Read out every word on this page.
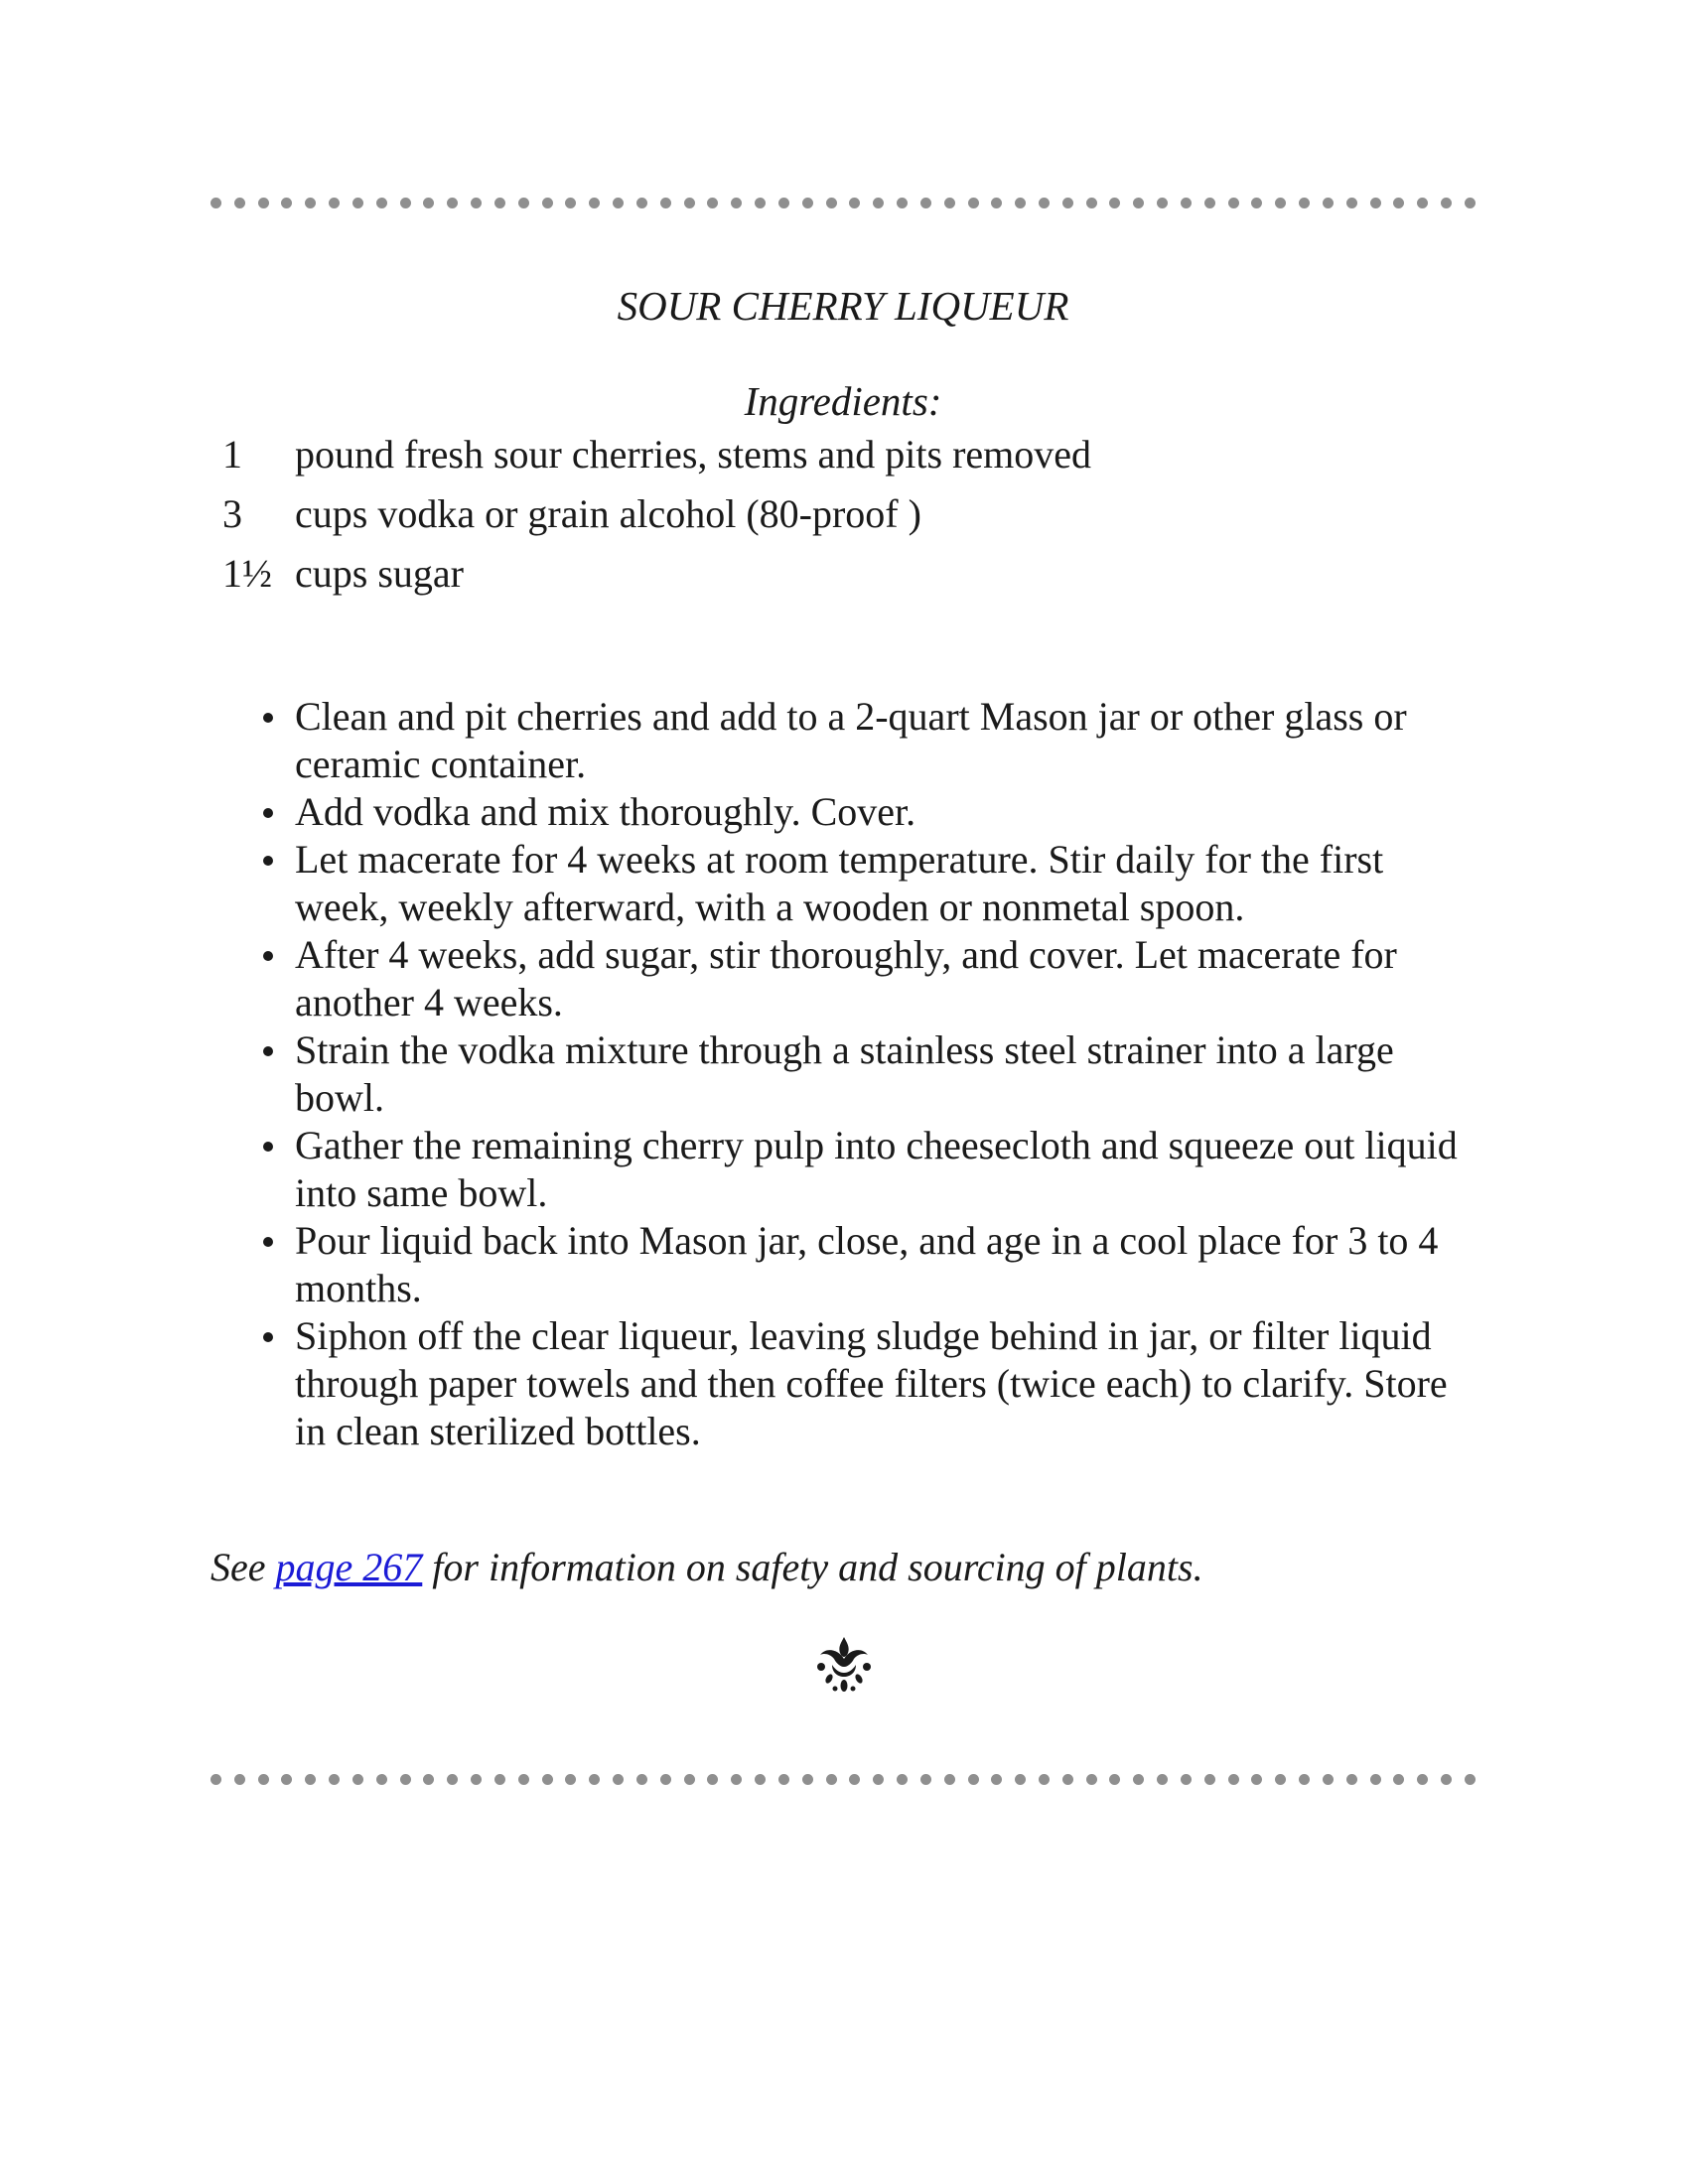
SOUR CHERRY LIQUEUR
Ingredients:
1 pound fresh sour cherries, stems and pits removed
3 cups vodka or grain alcohol (80-proof )
1½ cups sugar
Clean and pit cherries and add to a 2-quart Mason jar or other glass or ceramic container.
Add vodka and mix thoroughly. Cover.
Let macerate for 4 weeks at room temperature. Stir daily for the first week, weekly afterward, with a wooden or nonmetal spoon.
After 4 weeks, add sugar, stir thoroughly, and cover. Let macerate for another 4 weeks.
Strain the vodka mixture through a stainless steel strainer into a large bowl.
Gather the remaining cherry pulp into cheesecloth and squeeze out liquid into same bowl.
Pour liquid back into Mason jar, close, and age in a cool place for 3 to 4 months.
Siphon off the clear liqueur, leaving sludge behind in jar, or filter liquid through paper towels and then coffee filters (twice each) to clarify. Store in clean sterilized bottles.
See page 267 for information on safety and sourcing of plants.
